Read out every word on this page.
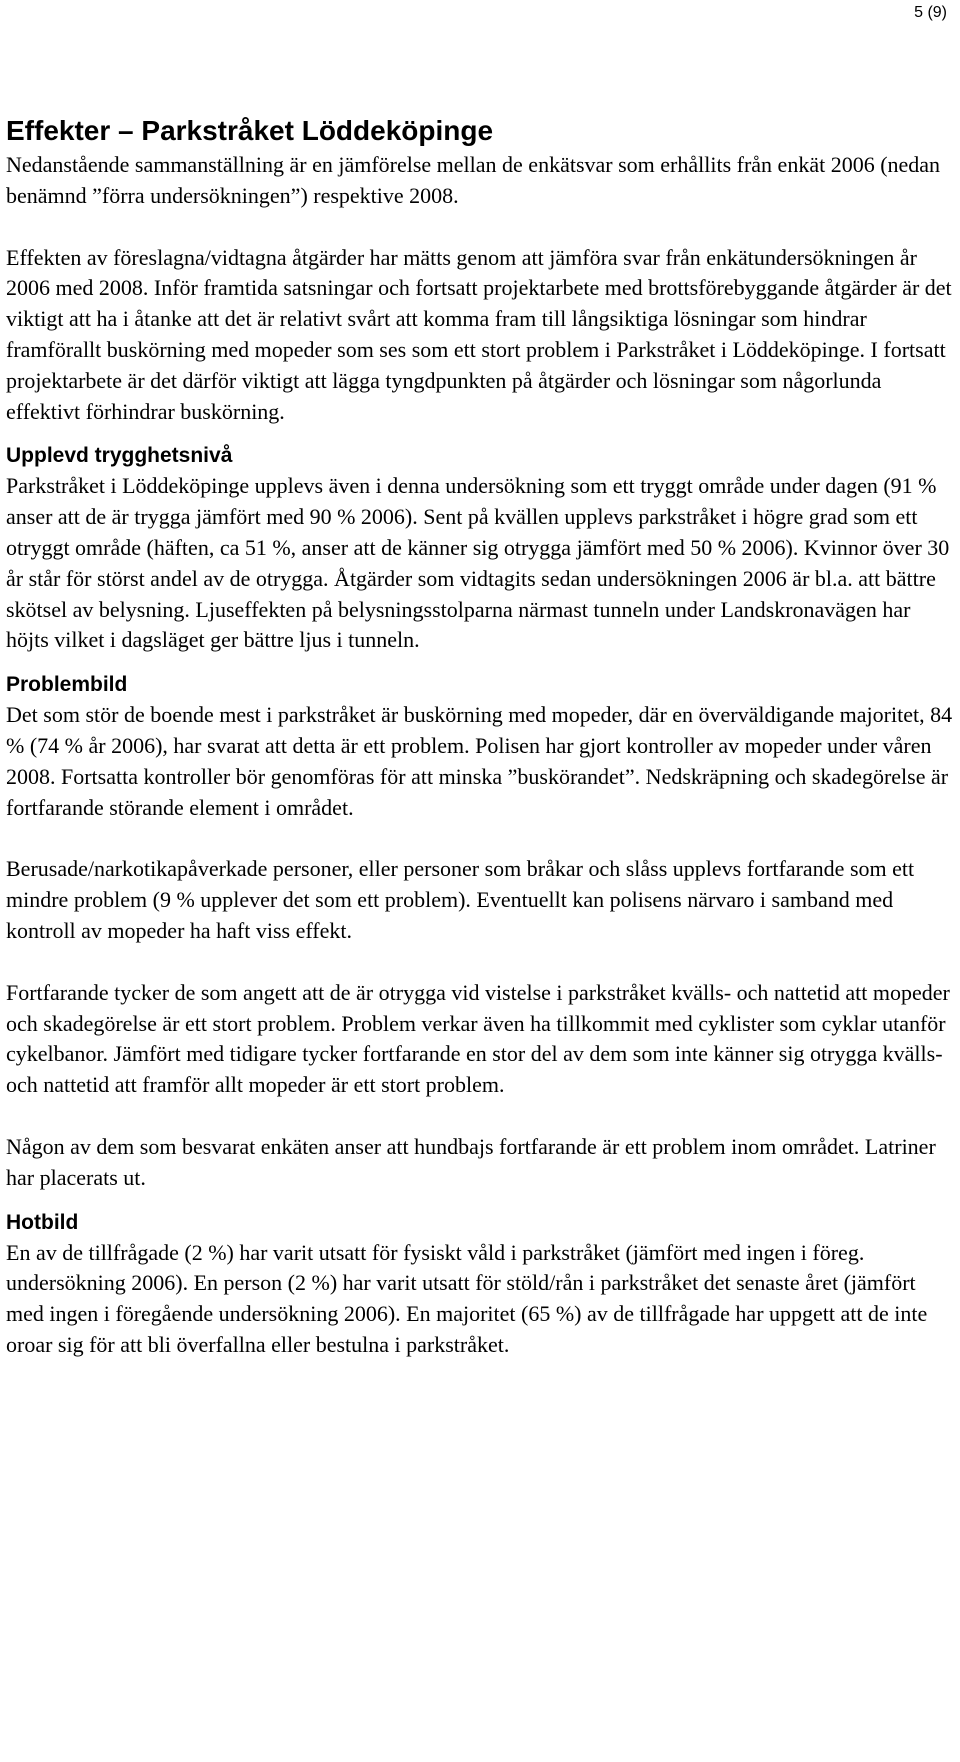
5 (9)
Effekter – Parkstråket Löddeköpinge

Nedanstående sammanställning är en jämförelse mellan de enkätsvar som erhållits från enkät 2006 (nedan benämnd ”förra undersökningen”) respektive 2008.

Effekten av föreslagna/vidtagna åtgärder har mätts genom att jämföra svar från enkätundersökningen år 2006 med 2008. Inför framtida satsningar och fortsatt projektarbete med brottsförebyggande åtgärder är det viktigt att ha i åtanke att det är relativt svårt att komma fram till långsiktiga lösningar som hindrar framförallt buskörning med mopeder som ses som ett stort problem i Parkstråket i Löddeköpinge. I fortsatt projektarbete är det därför viktigt att lägga tyngdpunkten på åtgärder och lösningar som någorlunda effektivt förhindrar buskörning.

Upplevd trygghetsnivå

Parkstråket i Löddeköpinge upplevs även i denna undersökning som ett tryggt område under dagen (91 % anser att de är trygga jämfört med 90 % 2006). Sent på kvällen upplevs parkstråket i högre grad som ett otryggt område (häften, ca 51 %, anser att de känner sig otrygga jämfört med 50 % 2006). Kvinnor över 30 år står för störst andel av de otrygga. Åtgärder som vidtagits sedan undersökningen 2006 är bl.a. att bättre skötsel av belysning. Ljuseffekten på belysningsstolparna närmast tunneln under Landskronavägen har höjts vilket i dagsläget ger bättre ljus i tunneln.

Problembild

Det som stör de boende mest i parkstråket är buskörning med mopeder, där en överväldigande majoritet, 84 % (74 % år 2006), har svarat att detta är ett problem. Polisen har gjort kontroller av mopeder under våren 2008. Fortsatta kontroller bör genomföras för att minska ”buskörandet”. Nedskräpning och skadegörelse är fortfarande störande element i området.

Berusade/narkotikapåverkade personer, eller personer som bråkar och slåss upplevs fortfarande som ett mindre problem (9 % upplever det som ett problem). Eventuellt kan polisens närvaro i samband med kontroll av mopeder ha haft viss effekt.

Fortfarande tycker de som angett att de är otrygga vid vistelse i parkstråket kvälls- och nattetid att mopeder och skadegörelse är ett stort problem. Problem verkar även ha tillkommit med cyklister som cyklar utanför cykelbanor. Jämfört med tidigare tycker fortfarande en stor del av dem som inte känner sig otrygga kvälls- och nattetid att framför allt mopeder är ett stort problem.

Någon av dem som besvarat enkäten anser att hundbajs fortfarande är ett problem inom området. Latriner har placerats ut.

Hotbild

En av de tillfrågade (2 %) har varit utsatt för fysiskt våld i parkstråket (jämfört med ingen i föreg. undersökning 2006). En person (2 %) har varit utsatt för stöld/rån i parkstråket det senaste året (jämfört med ingen i föregående undersökning 2006). En majoritet (65 %) av de tillfrågade har uppgett att de inte oroar sig för att bli överfallna eller bestulna i parkstråket.
